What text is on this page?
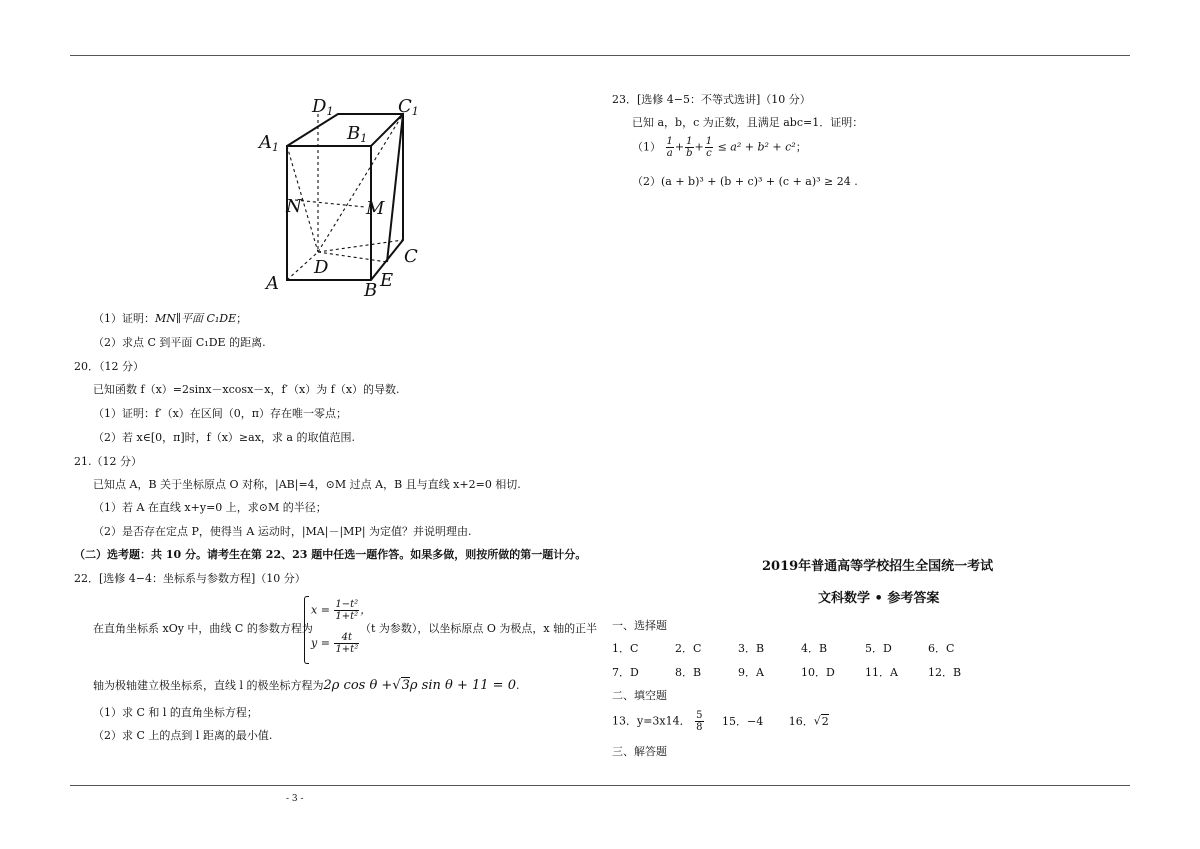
D1	C1
A1
B1
N	M
A
D
B E
C
（1）证明：MN∥平面 C₁DE；
（2）求点 C 到平面 C₁DE 的距离.
20．（12 分）
已知函数 f（x）=2sinx－xcosx－x，f′（x）为 f（x）的导数.
（1）证明：f′（x）在区间（0，π）存在唯一零点；
（2）若 x∈[0，π]时，f（x）≥ax，求 a 的取值范围.
21.（12 分）
已知点 A，B 关于坐标原点 O 对称，|AB|=4，⊙M 过点 A，B 且与直线 x+2=0 相切.
（1）若 A 在直线 x+y=0 上，求⊙M 的半径；
（2）是否存在定点 P，使得当 A 运动时，|MA|－|MP| 为定值？并说明理由.
（二）选考题：共 10 分。请考生在第 22、23 题中任选一题作答。如果多做，则按所做的第一题计分。
22．[选修 4−4：坐标系与参数方程]（10 分）
在直角坐标系 xOy 中，曲线 C 的参数方程为
$x = \frac{\text{1−t²}}{\text{1+t²}}$ ，
$y = \frac{4t}{\text{1+t²}}$
（t 为参数），以坐标原点 O 为极点，x 轴的正半
轴为极轴建立极坐标系，直线 l 的极坐标方程为2ρ cos θ +√3ρ sin θ + 11 = 0.
（1）求 C 和 l 的直角坐标方程；
（2）求 C 上的点到 l 距离的最小值.
23．[选修 4−5：不等式选讲]（10 分）
已知 a，b，c 为正数，且满足 abc=1．证明：
$(1) \frac{1}{a} + \frac{1}{b} + \frac{1}{c} \le a^2 + b^2 + c^2$；
（2）(a + b)³ + (b + c)³ + (c + a)³ ≥ 24 .
2019年普通高等学校招生全国统一考试
文科数学 • 参考答案
一、选择题
1．C	2．C	3．B	4．B	5．D	6．C
7．D	8．B	9．A	10．D	11．A	12．B
二、填空题
13．y=3x14． $\frac{5}{8} 15$．−4 16．√2
三、解答题
- 3 -
